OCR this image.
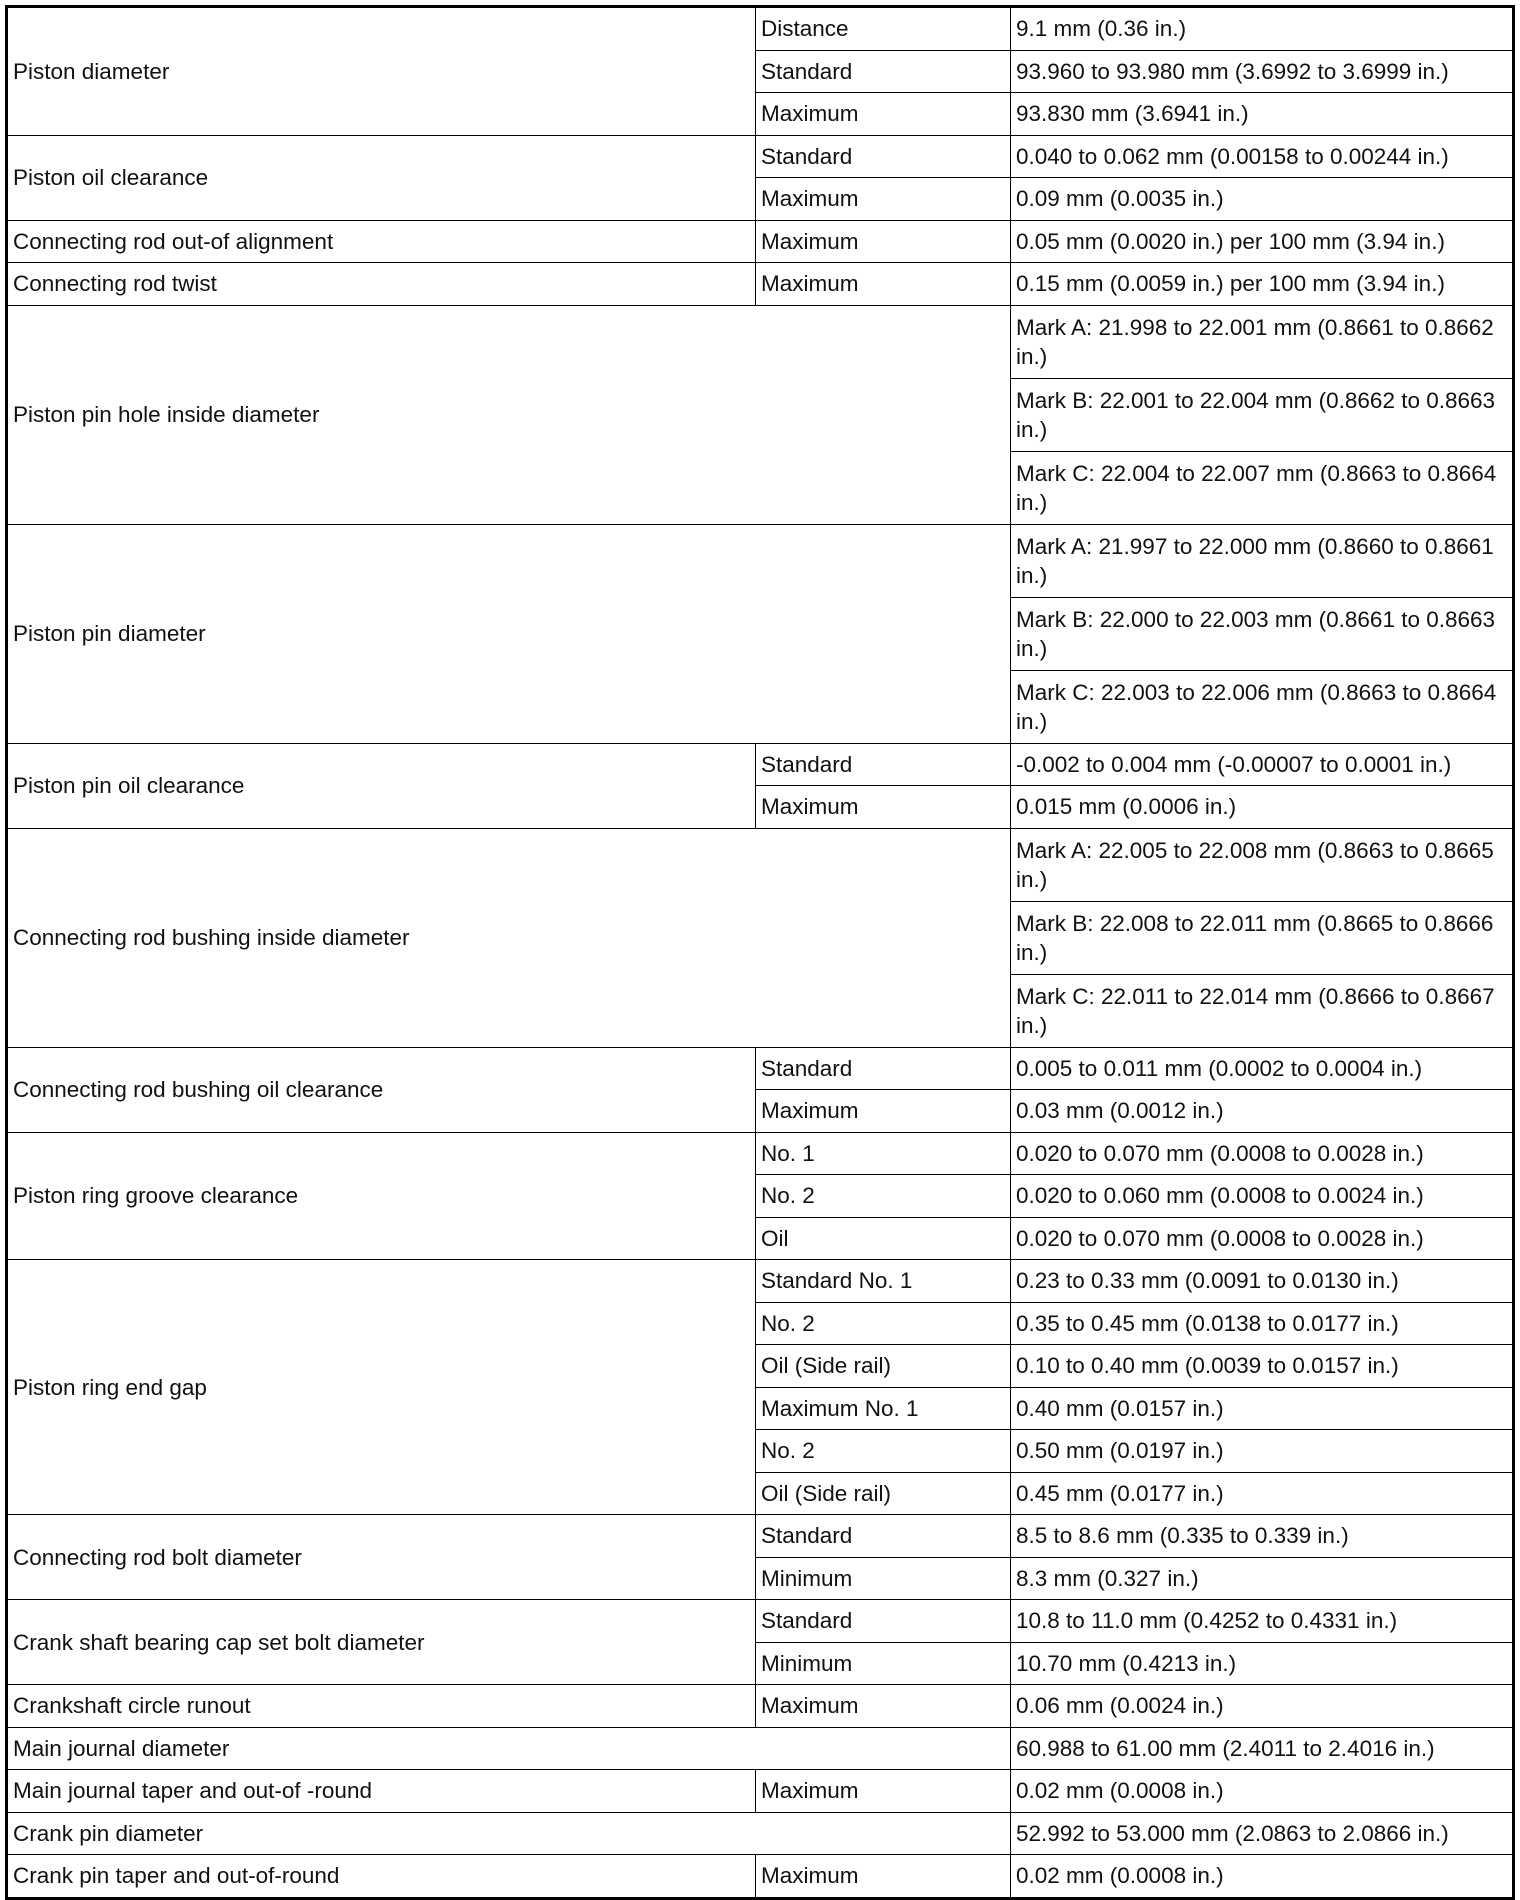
Piston diameter	Distance	9.1 mm (0.36 in.)
	Standard	93.960 to 93.980 mm (3.6992 to 3.6999 in.)
	Maximum	93.830 mm (3.6941 in.)
Piston oil clearance	Standard	0.040 to 0.062 mm (0.00158 to 0.00244 in.)
	Maximum	0.09 mm (0.0035 in.)
Connecting rod out-of alignment	Maximum	0.05 mm (0.0020 in.) per 100 mm (3.94 in.)
Connecting rod twist	Maximum	0.15 mm (0.0059 in.) per 100 mm (3.94 in.)
Piston pin hole inside diameter		Mark A: 21.998 to 22.001 mm (0.8661 to 0.8662 in.)
		Mark B: 22.001 to 22.004 mm (0.8662 to 0.8663 in.)
		Mark C: 22.004 to 22.007 mm (0.8663 to 0.8664 in.)
Piston pin diameter		Mark A: 21.997 to 22.000 mm (0.8660 to 0.8661 in.)
		Mark B: 22.000 to 22.003 mm (0.8661 to 0.8663 in.)
		Mark C: 22.003 to 22.006 mm (0.8663 to 0.8664 in.)
Piston pin oil clearance	Standard	-0.002 to 0.004 mm (-0.00007 to 0.0001 in.)
	Maximum	0.015 mm (0.0006 in.)
Connecting rod bushing inside diameter		Mark A: 22.005 to 22.008 mm (0.8663 to 0.8665 in.)
		Mark B: 22.008 to 22.011 mm (0.8665 to 0.8666 in.)
		Mark C: 22.011 to 22.014 mm (0.8666 to 0.8667 in.)
Connecting rod bushing oil clearance	Standard	0.005 to 0.011 mm (0.0002 to 0.0004 in.)
	Maximum	0.03 mm (0.0012 in.)
Piston ring groove clearance	No. 1	0.020 to 0.070 mm (0.0008 to 0.0028 in.)
	No. 2	0.020 to 0.060 mm (0.0008 to 0.0024 in.)
	Oil	0.020 to 0.070 mm (0.0008 to 0.0028 in.)
Piston ring end gap	Standard No. 1	0.23 to 0.33 mm (0.0091 to 0.0130 in.)
	No. 2	0.35 to 0.45 mm (0.0138 to 0.0177 in.)
	Oil (Side rail)	0.10 to 0.40 mm (0.0039 to 0.0157 in.)
	Maximum No. 1	0.40 mm (0.0157 in.)
	No. 2	0.50 mm (0.0197 in.)
	Oil (Side rail)	0.45 mm (0.0177 in.)
Connecting rod bolt diameter	Standard	8.5 to 8.6 mm (0.335 to 0.339 in.)
	Minimum	8.3 mm (0.327 in.)
Crank shaft bearing cap set bolt diameter	Standard	10.8 to 11.0 mm (0.4252 to 0.4331 in.)
	Minimum	10.70 mm (0.4213 in.)
Crankshaft circle runout	Maximum	0.06 mm (0.0024 in.)
Main journal diameter		60.988 to 61.00 mm (2.4011 to 2.4016 in.)
Main journal taper and out-of -round	Maximum	0.02 mm (0.0008 in.)
Crank pin diameter		52.992 to 53.000 mm (2.0863 to 2.0866 in.)
Crank pin taper and out-of-round	Maximum	0.02 mm (0.0008 in.)
